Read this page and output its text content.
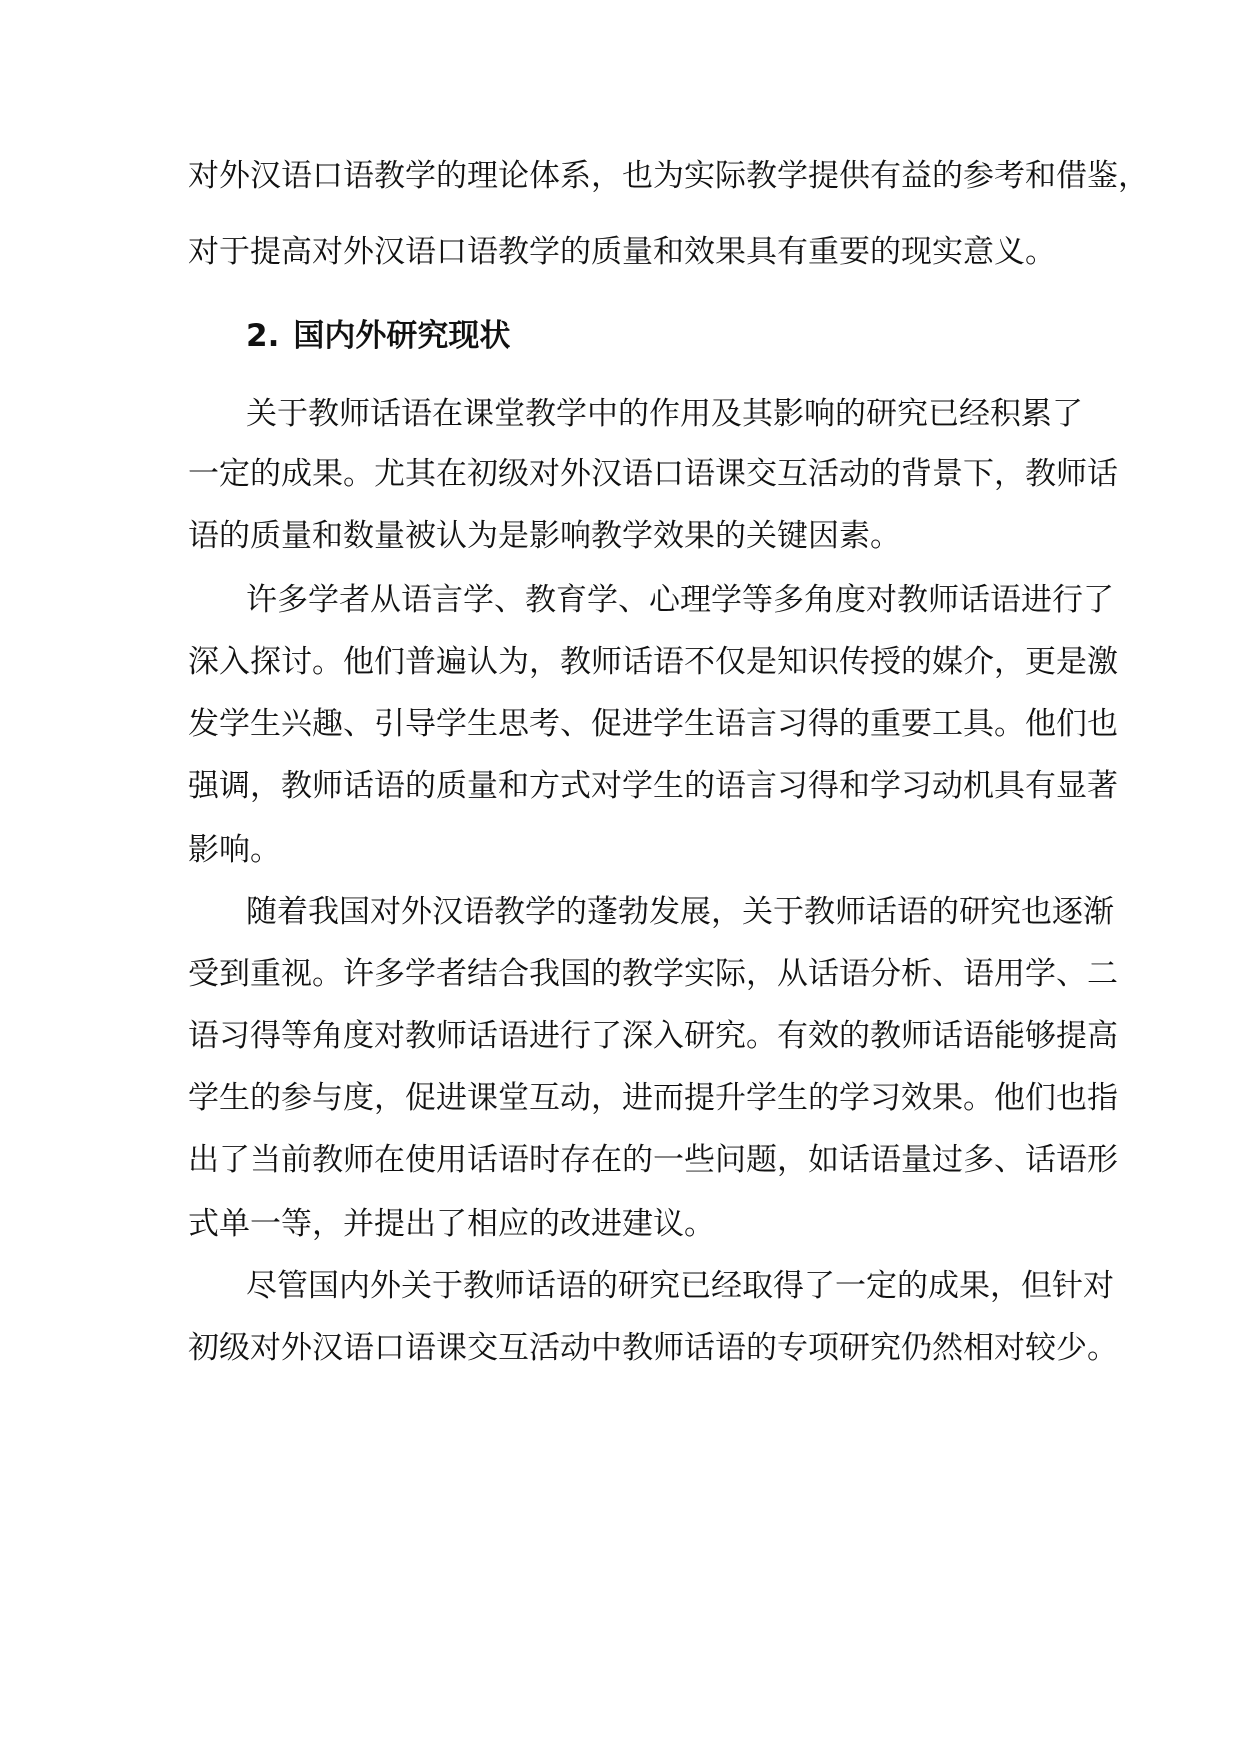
对外汉语口语教学的理论体系，也为实际教学提供有益的参考和借鉴，
对于提高对外汉语口语教学的质量和效果具有重要的现实意义。
2. 国内外研究现状
关于教师话语在课堂教学中的作用及其影响的研究已经积累了
一定的成果。尤其在初级对外汉语口语课交互活动的背景下，教师话
语的质量和数量被认为是影响教学效果的关键因素。
许多学者从语言学、教育学、心理学等多角度对教师话语进行了
深入探讨。他们普遍认为，教师话语不仅是知识传授的媒介，更是激
发学生兴趣、引导学生思考、促进学生语言习得的重要工具。他们也
强调，教师话语的质量和方式对学生的语言习得和学习动机具有显著
影响。
随着我国对外汉语教学的蓬勃发展，关于教师话语的研究也逐渐
受到重视。许多学者结合我国的教学实际，从话语分析、语用学、二
语习得等角度对教师话语进行了深入研究。有效的教师话语能够提高
学生的参与度，促进课堂互动，进而提升学生的学习效果。他们也指
出了当前教师在使用话语时存在的一些问题，如话语量过多、话语形
式单一等，并提出了相应的改进建议。
尽管国内外关于教师话语的研究已经取得了一定的成果，但针对
初级对外汉语口语课交互活动中教师话语的专项研究仍然相对较少。
